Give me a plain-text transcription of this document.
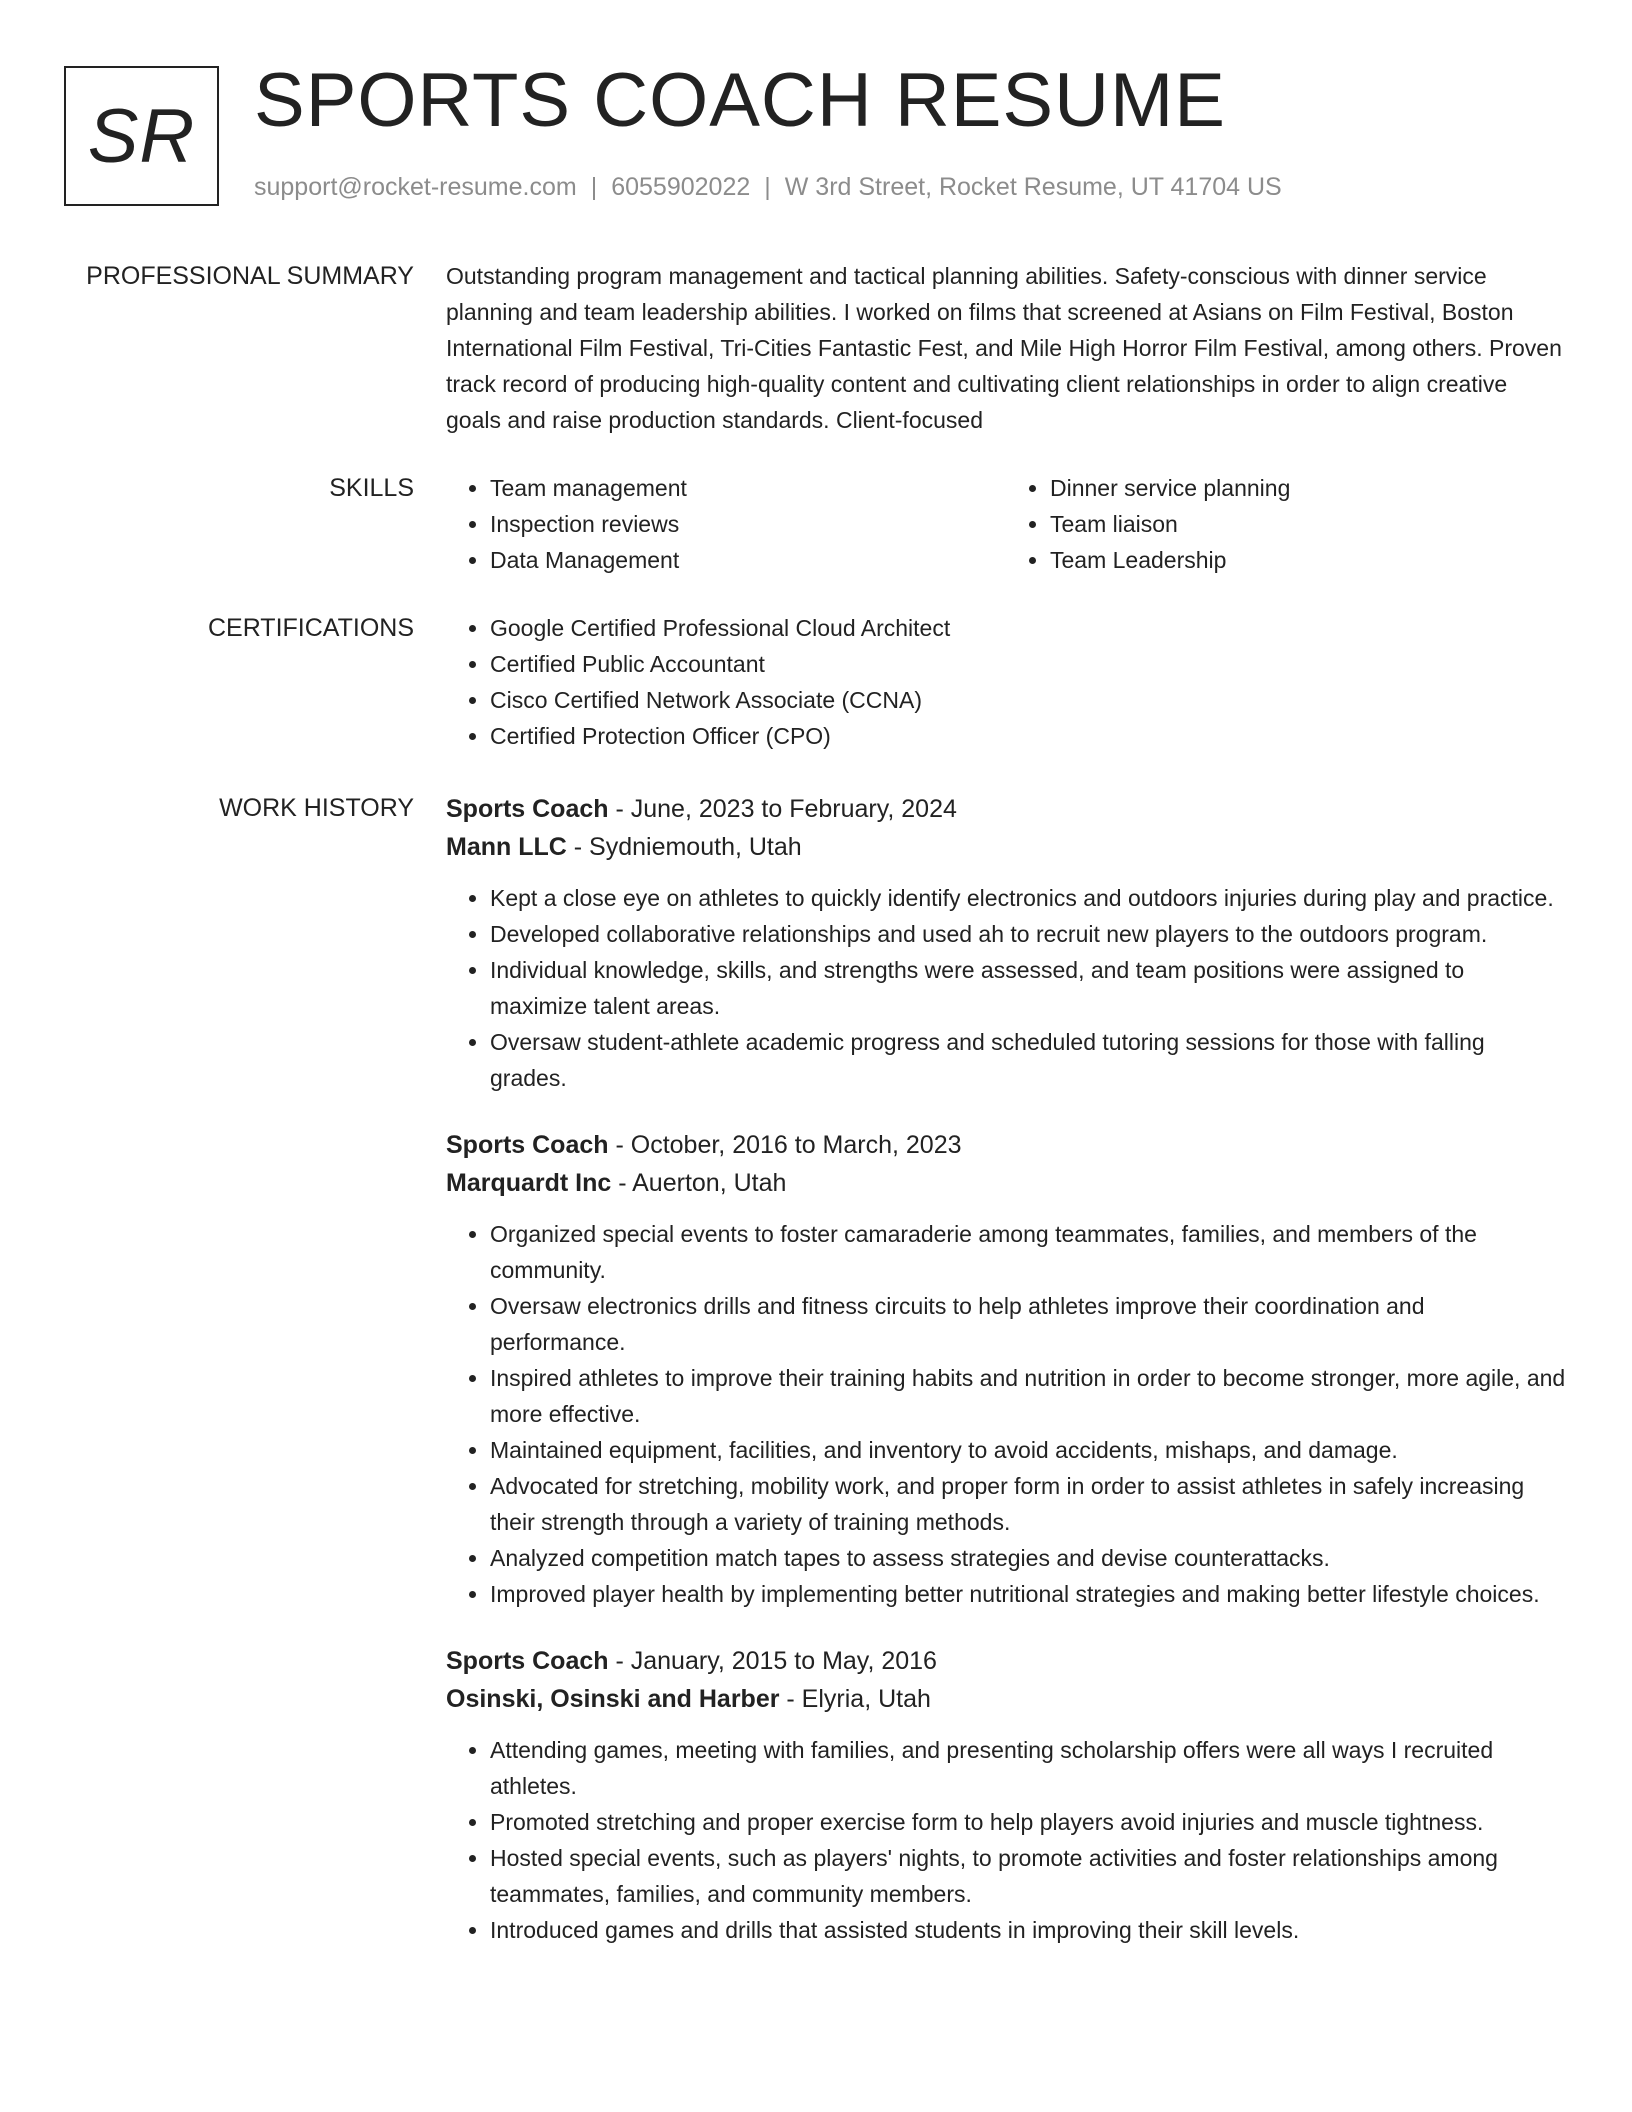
SR SPORTS COACH RESUME
support@rocket-resume.com | 6055902022 | W 3rd Street, Rocket Resume, UT 41704 US
PROFESSIONAL SUMMARY Outstanding program management and tactical planning abilities. Safety-conscious with dinner service planning and team leadership abilities. I worked on films that screened at Asians on Film Festival, Boston International Film Festival, Tri-Cities Fantastic Fest, and Mile High Horror Film Festival, among others. Proven track record of producing high-quality content and cultivating client relationships in order to align creative goals and raise production standards. Client-focused
SKILLS	• Team management
• Inspection reviews
• Data Management
• Dinner service planning
• Team liaison
• Team Leadership
CERTIFICATIONS	• Google Certified Professional Cloud Architect
• Certified Public Accountant
• Cisco Certified Network Associate (CCNA)
• Certified Protection Officer (CPO)
WORK HISTORY Sports Coach - June, 2023 to February, 2024
Mann LLC - Sydniemouth, Utah
• Kept a close eye on athletes to quickly identify electronics and outdoors injuries during play and practice.
• Developed collaborative relationships and used ah to recruit new players to the outdoors program.
• Individual knowledge, skills, and strengths were assessed, and team positions were assigned to maximize talent areas.
• Oversaw student-athlete academic progress and scheduled tutoring sessions for those with falling grades.
Sports Coach - October, 2016 to March, 2023
Marquardt Inc - Auerton, Utah
• Organized special events to foster camaraderie among teammates, families, and members of the community.
• Oversaw electronics drills and fitness circuits to help athletes improve their coordination and performance.
• Inspired athletes to improve their training habits and nutrition in order to become stronger, more agile, and more effective.
• Maintained equipment, facilities, and inventory to avoid accidents, mishaps, and damage.
• Advocated for stretching, mobility work, and proper form in order to assist athletes in safely increasing their strength through a variety of training methods.
• Analyzed competition match tapes to assess strategies and devise counterattacks.
• Improved player health by implementing better nutritional strategies and making better lifestyle choices.
Sports Coach - January, 2015 to May, 2016
Osinski, Osinski and Harber - Elyria, Utah
• Attending games, meeting with families, and presenting scholarship offers were all ways I recruited athletes.
• Promoted stretching and proper exercise form to help players avoid injuries and muscle tightness.
• Hosted special events, such as players' nights, to promote activities and foster relationships among teammates, families, and community members.
• Introduced games and drills that assisted students in improving their skill levels.
